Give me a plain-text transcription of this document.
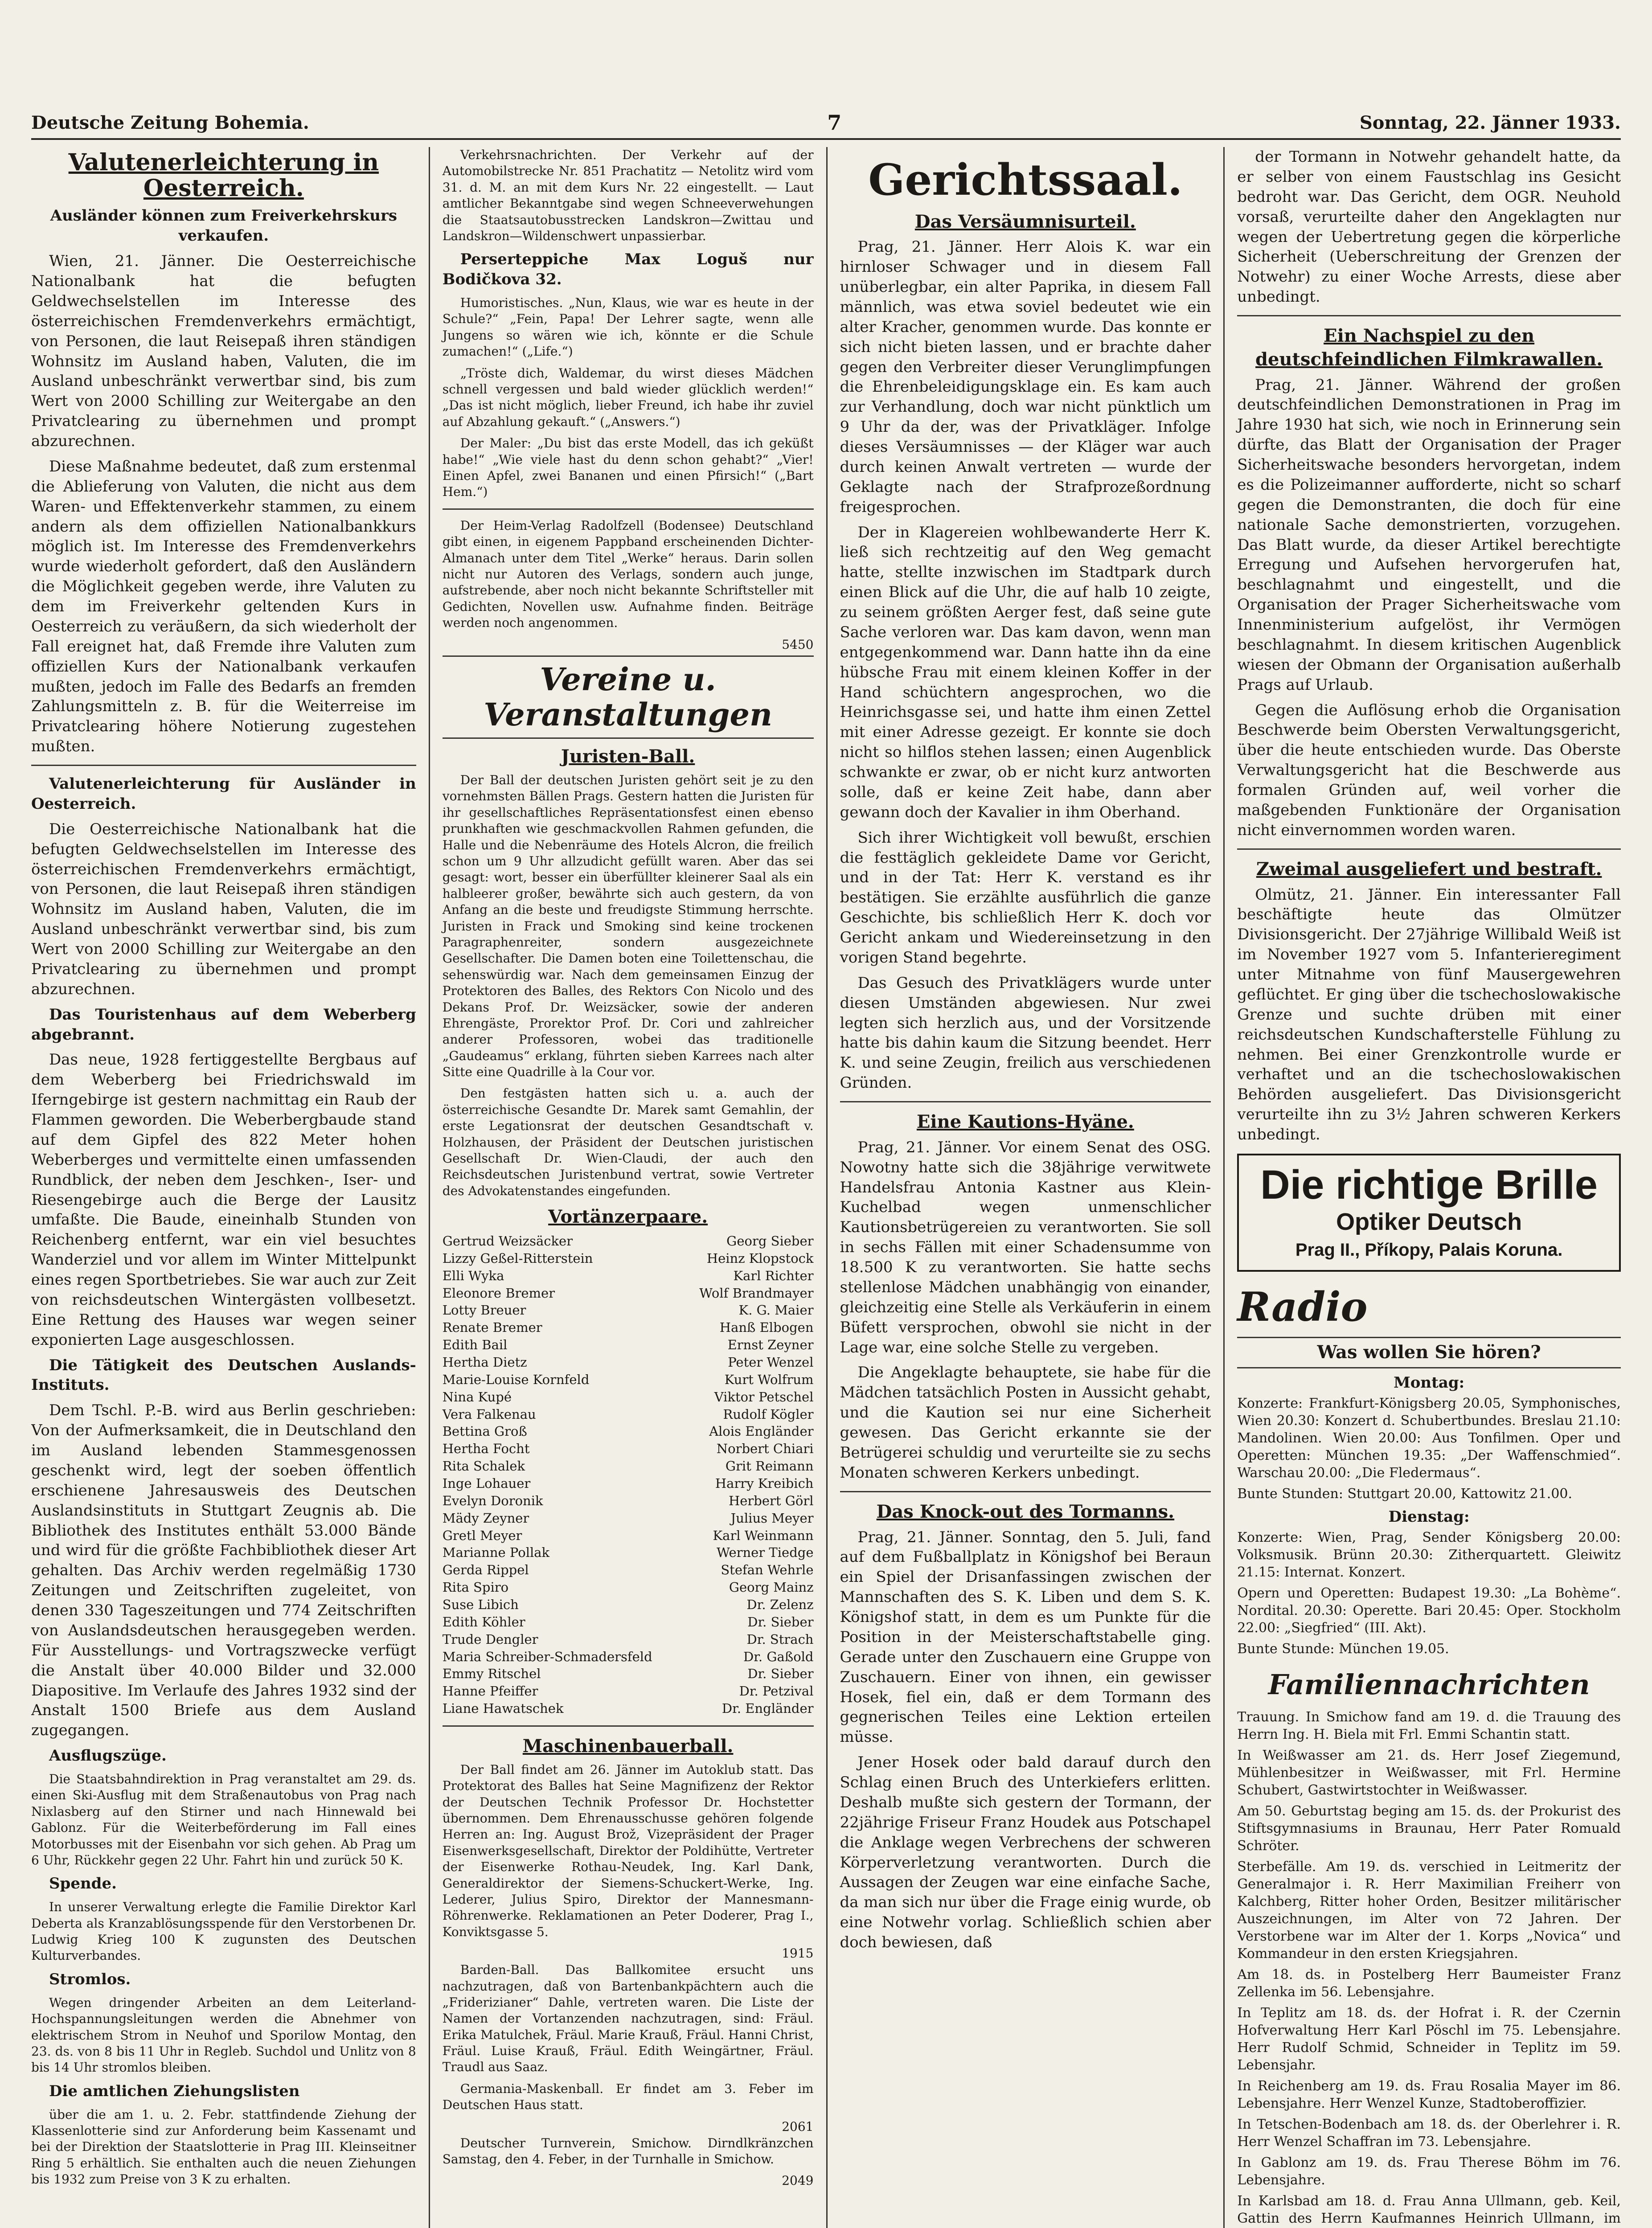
Deutsche Zeitung Bohemia.	7	Sonntag, 22. Jänner 1933.
Valutenerleichterung in Oesterreich.
Ausländer können zum Freiverkehrskurs verkaufen.

Wien, 21. Jänner. Die Oesterreichische Nationalbank hat die befugten Geldwechselstellen im Interesse des österreichischen Fremdenverkehrs ermächtigt, von Personen, die laut Reisepaß ihren ständigen Wohnsitz im Ausland haben, Valuten, die im Ausland unbeschränkt verwertbar sind, bis zum Wert von 2000 Schilling zur Weitergabe an den Privatclearing zu übernehmen und prompt abzurechnen.

Diese Maßnahme bedeutet, daß zum erstenmal die Ablieferung von Valuten, die nicht aus dem Waren- und Effektenverkehr stammen, zu einem andern als dem offiziellen Nationalbankkurs möglich ist. Im Interesse des Fremdenverkehrs wurde wiederholt gefordert, daß den Ausländern die Möglichkeit gegeben werde, ihre Valuten zu dem im Freiverkehr geltenden Kurs in Oesterreich zu veräußern, da sich wiederholt der Fall ereignet hat, daß Fremde ihre Valuten zum offiziellen Kurs der Nationalbank verkaufen mußten, jedoch im Falle des Bedarfs an fremden Zahlungsmitteln z. B. für die Weiterreise im Privatclearing höhere Notierung zugestehen mußten.

Valutenerleichterung für Ausländer in Oesterreich.

Die Oesterreichische Nationalbank hat die befugten Geldwechselstellen im Interesse des österreichischen Fremdenverkehrs ermächtigt, von Personen, die laut Reisepaß ihren ständigen Wohnsitz im Ausland haben, Valuten, die im Ausland unbeschränkt verwertbar sind, bis zum Wert von 2000 Schilling zur Weitergabe an den Privatclearing zu übernehmen und prompt abzurechnen.

Das Touristenhaus auf dem Weberberg abgebrannt.

Das neue, 1928 fertiggestellte Bergbaus auf dem Weberberg bei Friedrichswald im Iferngebirge ist gestern nachmittag ein Raub der Flammen geworden. Die Weberbergbaude stand auf dem Gipfel des 822 Meter hohen Weberberges und vermittelte einen umfassenden Rundblick, der neben dem Jeschken-, Iser- und Riesengebirge auch die Berge der Lausitz umfaßte. Die Baude, eineinhalb Stunden von Reichenberg entfernt, war ein viel besuchtes Wanderziel und vor allem im Winter Mittelpunkt eines regen Sportbetriebes. Sie war auch zur Zeit von reichsdeutschen Wintergästen vollbesetzt. Eine Rettung des Hauses war wegen seiner exponierten Lage ausgeschlossen.

Die Tätigkeit des Deutschen Auslands-Instituts.

Dem Tschl. P.-B. wird aus Berlin geschrieben: Von der Aufmerksamkeit, die in Deutschland den im Ausland lebenden Stammesgenossen geschenkt wird, legt der soeben öffentlich erschienene Jahresausweis des Deutschen Auslandsinstituts in Stuttgart Zeugnis ab. Die Bibliothek des Institutes enthält 53.000 Bände und wird für die größte Fachbibliothek dieser Art gehalten. Das Archiv werden regelmäßig 1730 Zeitungen und Zeitschriften zugeleitet, von denen 330 Tageszeitungen und 774 Zeitschriften von Auslandsdeutschen herausgegeben werden. Für Ausstellungs- und Vortragszwecke verfügt die Anstalt über 40.000 Bilder und 32.000 Diapositive. Im Verlaufe des Jahres 1932 sind der Anstalt 1500 Briefe aus dem Ausland zugegangen.

Ausflugszüge.

Die Staatsbahndirektion in Prag veranstaltet am 29. ds. einen Ski-Ausflug mit dem Straßenautobus von Prag nach Nixlasberg auf den Stirner und nach Hinnewald bei Gablonz. Für die Weiterbeförderung im Fall eines Motorbusses mit der Eisenbahn vor sich gehen. Ab Prag um 6 Uhr, Rückkehr gegen 22 Uhr. Fahrt hin und zurück 50 K.

Spende.

In unserer Verwaltung erlegte die Familie Direktor Karl Deberta als Kranzablösungsspende für den Verstorbenen Dr. Ludwig Krieg 100 K zugunsten des Deutschen Kulturverbandes.

Stromlos.

Wegen dringender Arbeiten an dem Leiterland-Hochspannungsleitungen werden die Abnehmer von elektrischem Strom in Neuhof und Sporilow Montag, den 23. ds. von 8 bis 11 Uhr in Regleb. Suchdol und Unlitz von 8 bis 14 Uhr stromlos bleiben.

Die amtlichen Ziehungslisten

über die am 1. u. 2. Febr. stattfindende Ziehung der Klassenlotterie sind zur Anforderung beim Kassenamt und bei der Direktion der Staatslotterie in Prag III. Kleinseitner Ring 5 erhältlich. Sie enthalten auch die neuen Ziehungen bis 1932 zum Preise von 3 K zu erhalten.

Verkehrsnachrichten. Der Verkehr auf der Automobilstrecke Nr. 851 Prachatitz — Netolitz wird vom 31. d. M. an mit dem Kurs Nr. 22 eingestellt. — Laut amtlicher Bekanntgabe sind wegen Schneeverwehungen die Staatsautobusstrecken Landskron—Zwittau und Landskron—Wildenschwert unpassierbar.

Perserteppiche Max Loguš nur Bodičkova 32.

Humoristisches. „Nun, Klaus, wie war es heute in der Schule?“ „Fein, Papa! Der Lehrer sagte, wenn alle Jungens so wären wie ich, könnte er die Schule zumachen!“ („Life.“)

„Tröste dich, Waldemar, du wirst dieses Mädchen schnell vergessen und bald wieder glücklich werden!“ „Das ist nicht möglich, lieber Freund, ich habe ihr zuviel auf Abzahlung gekauft.“ („Answers.“)

Der Maler: „Du bist das erste Modell, das ich geküßt habe!“ „Wie viele hast du denn schon gehabt?“ „Vier! Einen Apfel, zwei Bananen und einen Pfirsich!“ („Bart Hem.“)

Der Heim-Verlag Radolfzell (Bodensee) Deutschland gibt einen, in eigenem Pappband erscheinenden Dichter-Almanach unter dem Titel „Werke“ heraus. Darin sollen nicht nur Autoren des Verlags, sondern auch junge, aufstrebende, aber noch nicht bekannte Schriftsteller mit Gedichten, Novellen usw. Aufnahme finden. Beiträge werden noch angenommen.

5450
Vereine u. Veranstaltungen
Juristen-Ball.

Der Ball der deutschen Juristen gehört seit je zu den vornehmsten Bällen Prags. Gestern hatten die Juristen für ihr gesellschaftliches Repräsentationsfest einen ebenso prunkhaften wie geschmackvollen Rahmen gefunden, die Halle und die Nebenräume des Hotels Alcron, die freilich schon um 9 Uhr allzudicht gefüllt waren. Aber das sei gesagt: wort, besser ein überfüllter kleinerer Saal als ein halbleerer großer, bewährte sich auch gestern, da von Anfang an die beste und freudigste Stimmung herrschte. Juristen in Frack und Smoking sind keine trockenen Paragraphenreiter, sondern ausgezeichnete Gesellschafter. Die Damen boten eine Toilettenschau, die sehenswürdig war. Nach dem gemeinsamen Einzug der Protektoren des Balles, des Rektors Con Nicolo und des Dekans Prof. Dr. Weizsäcker, sowie der anderen Ehrengäste, Prorektor Prof. Dr. Cori und zahlreicher anderer Professoren, wobei das traditionelle „Gaudeamus“ erklang, führten sieben Karrees nach alter Sitte eine Quadrille à la Cour vor.

Den festgästen hatten sich u. a. auch der österreichische Gesandte Dr. Marek samt Gemahlin, der erste Legationsrat der deutschen Gesandtschaft v. Holzhausen, der Präsident der Deutschen juristischen Gesellschaft Dr. Wien-Claudi, der auch den Reichsdeutschen Juristenbund vertrat, sowie Vertreter des Advokatenstandes eingefunden.

Vortänzerpaare.
Gertrud Weizsäcker	Georg Sieber
Lizzy Geßel-Ritterstein	Heinz Klopstock
Elli Wyka	Karl Richter
Eleonore Bremer	Wolf Brandmayer
Lotty Breuer	K. G. Maier
Renate Bremer	Hanß Elbogen
Edith Bail	Ernst Zeyner
Hertha Dietz	Peter Wenzel
Marie-Louise Kornfeld	Kurt Wolfrum
Nina Kupé	Viktor Petschel
Vera Falkenau	Rudolf Kögler
Bettina Groß	Alois Engländer
Hertha Focht	Norbert Chiari
Rita Schalek	Grit Reimann
Inge Lohauer	Harry Kreibich
Evelyn Doronik	Herbert Görl
Mädy Zeyner	Julius Meyer
Gretl Meyer	Karl Weinmann
Marianne Pollak	Werner Tiedge
Gerda Rippel	Stefan Wehrle
Rita Spiro	Georg Mainz
Suse Libich	Dr. Zelenz
Edith Köhler	Dr. Sieber
Trude Dengler	Dr. Strach
Maria Schreiber-Schmadersfeld	Dr. Gaßold
Emmy Ritschel	Dr. Sieber
Hanne Pfeiffer	Dr. Petzival
Liane Hawatschek	Dr. Engländer
Maschinenbauerball.

Der Ball findet am 26. Jänner im Autoklub statt. Das Protektorat des Balles hat Seine Magnifizenz der Rektor der Deutschen Technik Professor Dr. Hochstetter übernommen. Dem Ehrenausschusse gehören folgende Herren an: Ing. August Brož, Vizepräsident der Prager Eisenwerksgesellschaft, Direktor der Poldihütte, Vertreter der Eisenwerke Rothau-Neudek, Ing. Karl Dank, Generaldirektor der Siemens-Schuckert-Werke, Ing. Lederer, Julius Spiro, Direktor der Mannesmann-Röhrenwerke. Reklamationen an Peter Doderer, Prag I., Konviktsgasse 5.

1915

Barden-Ball. Das Ballkomitee ersucht uns nachzutragen, daß von Bartenbankpächtern auch die „Friderizianer“ Dahle, vertreten waren. Die Liste der Namen der Vortanzenden nachzutragen, sind: Fräul. Erika Matulchek, Fräul. Marie Krauß, Fräul. Hanni Christ, Fräul. Luise Krauß, Fräul. Edith Weingärtner, Fräul. Traudl aus Saaz.

Germania-Maskenball. Er findet am 3. Feber im Deutschen Haus statt.

2061

Deutscher Turnverein, Smichow. Dirndlkränzchen Samstag, den 4. Feber, in der Turnhalle in Smichow.

2049
Gerichtssaal.
Das Versäumnisurteil.

Prag, 21. Jänner. Herr Alois K. war ein hirnloser Schwager und in diesem Fall unüberlegbar, ein alter Paprika, in diesem Fall männlich, was etwa soviel bedeutet wie ein alter Kracher, genommen wurde. Das konnte er sich nicht bieten lassen, und er brachte daher gegen den Verbreiter dieser Verunglimpfungen die Ehrenbeleidigungsklage ein. Es kam auch zur Verhandlung, doch war nicht pünktlich um 9 Uhr da der, was der Privatkläger. Infolge dieses Versäumnisses — der Kläger war auch durch keinen Anwalt vertreten — wurde der Geklagte nach der Strafprozeßordnung freigesprochen.

Der in Klagereien wohlbewanderte Herr K. ließ sich rechtzeitig auf den Weg gemacht hatte, stellte inzwischen im Stadtpark durch einen Blick auf die Uhr, die auf halb 10 zeigte, zu seinem größten Aerger fest, daß seine gute Sache verloren war. Das kam davon, wenn man entgegenkommend war. Dann hatte ihn da eine hübsche Frau mit einem kleinen Koffer in der Hand schüchtern angesprochen, wo die Heinrichsgasse sei, und hatte ihm einen Zettel mit einer Adresse gezeigt. Er konnte sie doch nicht so hilflos stehen lassen; einen Augenblick schwankte er zwar, ob er nicht kurz antworten solle, daß er keine Zeit habe, dann aber gewann doch der Kavalier in ihm Oberhand.

Sich ihrer Wichtigkeit voll bewußt, erschien die festtäglich gekleidete Dame vor Gericht, und in der Tat: Herr K. verstand es ihr bestätigen. Sie erzählte ausführlich die ganze Geschichte, bis schließlich Herr K. doch vor Gericht ankam und Wiedereinsetzung in den vorigen Stand begehrte.

Das Gesuch des Privatklägers wurde unter diesen Umständen abgewiesen. Nur zwei legten sich herzlich aus, und der Vorsitzende hatte bis dahin kaum die Sitzung beendet. Herr K. und seine Zeugin, freilich aus verschiedenen Gründen.

Eine Kautions-Hyäne.

Prag, 21. Jänner. Vor einem Senat des OSG. Nowotny hatte sich die 38jährige verwitwete Handelsfrau Antonia Kastner aus Klein-Kuchelbad wegen unmenschlicher Kautionsbetrügereien zu verantworten. Sie soll in sechs Fällen mit einer Schadensumme von 18.500 K zu verantworten. Sie hatte sechs stellenlose Mädchen unabhängig von einander, gleichzeitig eine Stelle als Verkäuferin in einem Büfett versprochen, obwohl sie nicht in der Lage war, eine solche Stelle zu vergeben.

Die Angeklagte behauptete, sie habe für die Mädchen tatsächlich Posten in Aussicht gehabt, und die Kaution sei nur eine Sicherheit gewesen. Das Gericht erkannte sie der Betrügerei schuldig und verurteilte sie zu sechs Monaten schweren Kerkers unbedingt.

Das Knock-out des Tormanns.

Prag, 21. Jänner. Sonntag, den 5. Juli, fand auf dem Fußballplatz in Königshof bei Beraun ein Spiel der Drisanfassingen zwischen der Mannschaften des S. K. Liben und dem S. K. Königshof statt, in dem es um Punkte für die Position in der Meisterschaftstabelle ging. Gerade unter den Zuschauern eine Gruppe von Zuschauern. Einer von ihnen, ein gewisser Hosek, fiel ein, daß er dem Tormann des gegnerischen Teiles eine Lektion erteilen müsse.

Jener Hosek oder bald darauf durch den Schlag einen Bruch des Unterkiefers erlitten. Deshalb mußte sich gestern der Tormann, der 22jährige Friseur Franz Houdek aus Potschapel die Anklage wegen Verbrechens der schweren Körperverletzung verantworten. Durch die Aussagen der Zeugen war eine einfache Sache, da man sich nur über die Frage einig wurde, ob eine Notwehr vorlag. Schließlich schien aber doch bewiesen, daß

der Tormann in Notwehr gehandelt hatte, da er selber von einem Faustschlag ins Gesicht bedroht war. Das Gericht, dem OGR. Neuhold vorsaß, verurteilte daher den Angeklagten nur wegen der Uebertretung gegen die körperliche Sicherheit (Ueberschreitung der Grenzen der Notwehr) zu einer Woche Arrests, diese aber unbedingt.

Ein Nachspiel zu den deutschfeindlichen Filmkrawallen.

Prag, 21. Jänner. Während der großen deutschfeindlichen Demonstrationen in Prag im Jahre 1930 hat sich, wie noch in Erinnerung sein dürfte, das Blatt der Organisation der Prager Sicherheitswache besonders hervorgetan, indem es die Polizeimanner aufforderte, nicht so scharf gegen die Demonstranten, die doch für eine nationale Sache demonstrierten, vorzugehen. Das Blatt wurde, da dieser Artikel berechtigte Erregung und Aufsehen hervorgerufen hat, beschlagnahmt und eingestellt, und die Organisation der Prager Sicherheitswache vom Innenministerium aufgelöst, ihr Vermögen beschlagnahmt. In diesem kritischen Augenblick wiesen der Obmann der Organisation außerhalb Prags auf Urlaub.

Gegen die Auflösung erhob die Organisation Beschwerde beim Obersten Verwaltungsgericht, über die heute entschieden wurde. Das Oberste Verwaltungsgericht hat die Beschwerde aus formalen Gründen auf, weil vorher die maßgebenden Funktionäre der Organisation nicht einvernommen worden waren.

Zweimal ausgeliefert und bestraft.

Olmütz, 21. Jänner. Ein interessanter Fall beschäftigte heute das Olmützer Divisionsgericht. Der 27jährige Willibald Weiß ist im November 1927 vom 5. Infanterieregiment unter Mitnahme von fünf Mausergewehren geflüchtet. Er ging über die tschechoslowakische Grenze und suchte drüben mit einer reichsdeutschen Kundschafterstelle Fühlung zu nehmen. Bei einer Grenzkontrolle wurde er verhaftet und an die tschechoslowakischen Behörden ausgeliefert. Das Divisionsgericht verurteilte ihn zu 3½ Jahren schweren Kerkers unbedingt.

Die richtige Brille
Optiker Deutsch
Prag II., Příkopy, Palais Koruna.
Radio
Was wollen Sie hören?
Montag:
Konzerte: Frankfurt-Königsberg 20.05, Symphonisches, Wien 20.30: Konzert d. Schubertbundes. Breslau 21.10: Mandolinen. Wien 20.00: Aus Tonfilmen. Oper und Operetten: München 19.35: „Der Waffenschmied“. Warschau 20.00: „Die Fledermaus“.
Bunte Stunden: Stuttgart 20.00, Kattowitz 21.00.
Dienstag:
Konzerte: Wien, Prag, Sender Königsberg 20.00: Volksmusik. Brünn 20.30: Zitherquartett. Gleiwitz 21.15: Internat. Konzert.
Opern und Operetten: Budapest 19.30: „La Bohème“. Nordital. 20.30: Operette. Bari 20.45: Oper. Stockholm 22.00: „Siegfried“ (III. Akt).
Bunte Stunde: München 19.05.
Familiennachrichten
Trauung. In Smichow fand am 19. d. die Trauung des Herrn Ing. H. Biela mit Frl. Emmi Schantin statt.
In Weißwasser am 21. ds. Herr Josef Ziegemund, Mühlenbesitzer in Weißwasser, mit Frl. Hermine Schubert, Gastwirtstochter in Weißwasser.
Am 50. Geburtstag beging am 15. ds. der Prokurist des Stiftsgymnasiums in Braunau, Herr Pater Romuald Schröter.
Sterbefälle. Am 19. ds. verschied in Leitmeritz der Generalmajor i. R. Herr Maximilian Freiherr von Kalchberg, Ritter hoher Orden, Besitzer militärischer Auszeichnungen, im Alter von 72 Jahren. Der Verstorbene war im Alter der 1. Korps „Novica“ und Kommandeur in den ersten Kriegsjahren.
Am 18. ds. in Postelberg Herr Baumeister Franz Zellenka im 56. Lebensjahre.
In Teplitz am 18. ds. der Hofrat i. R. der Czernin Hofverwaltung Herr Karl Pöschl im 75. Lebensjahre. Herr Rudolf Schmid, Schneider in Teplitz im 59. Lebensjahr.
In Reichenberg am 19. ds. Frau Rosalia Mayer im 86. Lebensjahre. Herr Wenzel Kunze, Stadtoberoffizier.
In Tetschen-Bodenbach am 18. ds. der Oberlehrer i. R. Herr Wenzel Schaffran im 73. Lebensjahre.
In Gablonz am 19. ds. Frau Therese Böhm im 76. Lebensjahre.
In Karlsbad am 18. d. Frau Anna Ullmann, geb. Keil, Gattin des Herrn Kaufmannes Heinrich Ullmann, im
